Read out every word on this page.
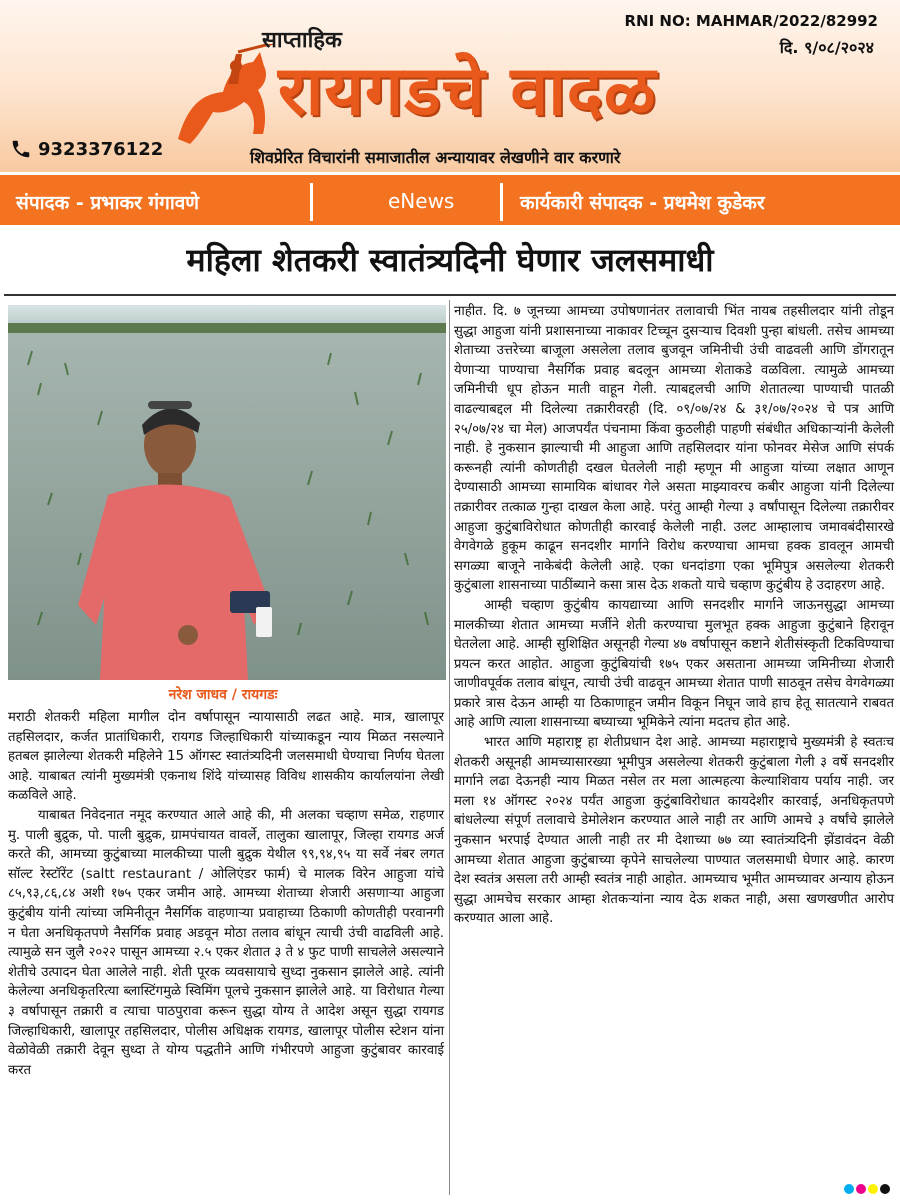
साप्ताहिक
रायगडचे वादळ
RNI NO: MAHMAR/2022/82992
दि. ९/०८/२०२४
9323376122	शिवप्रेरित विचारांनी समाजातील अन्यायावर लेखणीने वार करणारे
संपादक - प्रभाकर गंगावणे	eNews	कार्यकारी संपादक - प्रथमेश कुडेकर
महिला शेतकरी स्वातंत्र्यदिनी घेणार जलसमाधी
नरेश जाधव / रायगडः

मराठी शेतकरी महिला मागील दोन वर्षापासून न्यायासाठी लढत आहे. मात्र, खालापूर तहसिलदार, कर्जत प्रातांधिकारी, रायगड जिल्हाधिकारी यांच्याकडून न्याय मिळत नसल्याने हतबल झालेल्या शेतकरी महिलेने 15 ऑगस्ट स्वातंत्र्यदिनी जलसमाधी घेण्याचा निर्णय घेतला आहे. याबाबत त्यांनी मुख्यमंत्री एकनाथ शिंदे यांच्यासह विविध शासकीय कार्यालयांना लेखी कळविले आहे.

याबाबत निवेदनात नमूद करण्यात आले आहे की, मी अलका चव्हाण समेळ, राहणार मु. पाली बुद्रुक, पो. पाली बुद्रुक, ग्रामपंचायत वावर्ले, तालुका खालापूर, जिल्हा रायगड अर्ज करते की, आमच्या कुटुंबाच्या मालकीच्या पाली बुद्रुक येथील ९९,९४,९५ या सर्वे नंबर लगत सॉल्ट रेस्टॉरेंट (saltt restaurant / ओलिएंडर फार्म) चे मालक विरेन आहुजा यांचे ८५,९३,८६,८४ अशी १७५ एकर जमीन आहे. आमच्या शेताच्या शेजारी असणाऱ्या आहुजा कुटुंबीय यांनी त्यांच्या जमिनीतून नैसर्गिक वाहणाऱ्या प्रवाहाच्या ठिकाणी कोणतीही परवानगी न घेता अनधिकृतपणे नैसर्गिक प्रवाह अडवून मोठा तलाव बांधून त्याची उंची वाढविली आहे. त्यामुळे सन जुलै २०२२ पासून आमच्या २.५ एकर शेतात ३ ते ४ फुट पाणी साचलेले असल्याने शेतीचे उत्पादन घेता आलेले नाही. शेती पूरक व्यवसायाचे सुध्दा नुकसान झालेले आहे. त्यांनी केलेल्या अनधिकृतरित्या ब्लास्टिंगमुळे स्विमिंग पूलचे नुकसान झालेले आहे. या विरोधात गेल्या ३ वर्षापासून तक्रारी व त्याचा पाठपुरावा करून सुद्धा योग्य ते आदेश असून सुद्धा रायगड जिल्हाधिकारी, खालापूर तहसिलदार, पोलीस अधिक्षक रायगड, खालापूर पोलीस स्टेशन यांना वेळोवेळी तक्रारी देवून सुध्दा ते योग्य पद्धतीने आणि गंभीरपणे आहुजा कुटुंबावर कारवाई करत

नाहीत. दि. ७ जूनच्या आमच्या उपोषणानंतर तलावाची भिंत नायब तहसीलदार यांनी तोडून सुद्धा आहुजा यांनी प्रशासनाच्या नाकावर टिच्चून दुसऱ्याच दिवशी पुन्हा बांधली. तसेच आमच्या शेताच्या उत्तरेच्या बाजूला असलेला तलाव बुजवून जमिनीची उंची वाढवली आणि डोंगरातून येणाऱ्या पाण्याचा नैसर्गिक प्रवाह बदलून आमच्या शेताकडे वळविला. त्यामुळे आमच्या जमिनीची धूप होऊन माती वाहून गेली. त्याबद्दलची आणि शेतातल्या पाण्याची पातळी वाढल्याबद्दल मी दिलेल्या तक्रारीवरही (दि. ०९/०७/२४ & ३१/०७/२०२४ चे पत्र आणि २५/०७/२४ चा मेल) आजपर्यंत पंचनामा किंवा कुठलीही पाहणी संबंधीत अधिकाऱ्यांनी केलेली नाही. हे नुकसान झाल्याची मी आहुजा आणि तहसिलदार यांना फोनवर मेसेज आणि संपर्क करूनही त्यांनी कोणतीही दखल घेतलेली नाही म्हणून मी आहुजा यांच्या लक्षात आणून देण्यासाठी आमच्या सामायिक बांधावर गेले असता माझ्यावरच कबीर आहुजा यांनी दिलेल्या तक्रारीवर तत्काळ गुन्हा दाखल केला आहे. परंतु आम्ही गेल्या ३ वर्षांपासून दिलेल्या तक्रारीवर आहुजा कुटुंबाविरोधात कोणतीही कारवाई केलेली नाही. उलट आम्हालाच जमावबंदीसारखे वेगवेगळे हुकूम काढून सनदशीर मार्गाने विरोध करण्याचा आमचा हक्क डावलून आमची सगळ्या बाजूने नाकेबंदी केलेली आहे. एका धनदांडगा एका भूमिपुत्र असलेल्या शेतकरी कुटुंबाला शासनाच्या पाठींब्याने कसा त्रास देऊ शकतो याचे चव्हाण कुटुंबीय हे उदाहरण आहे.

आम्ही चव्हाण कुटुंबीय कायद्याच्या आणि सनदशीर मार्गाने जाऊनसुद्धा आमच्या मालकीच्या शेतात आमच्या मर्जीने शेती करण्याचा मुलभूत हक्क आहुजा कुटुंबाने हिरावून घेतलेला आहे. आम्ही सुशिक्षित असूनही गेल्या ४७ वर्षापासून कष्टाने शेतीसंस्कृती टिकविण्याचा प्रयत्न करत आहोत. आहुजा कुटुंबियांची १७५ एकर असताना आमच्या जमिनीच्या शेजारी जाणीवपूर्वक तलाव बांधून, त्याची उंची वाढवून आमच्या शेतात पाणी साठवून तसेच वेगवेगळ्या प्रकारे त्रास देऊन आम्ही या ठिकाणाहून जमीन विकून निघून जावे हाच हेतू सातत्याने राबवत आहे आणि त्याला शासनाच्या बघ्याच्या भूमिकेने त्यांना मदतच होत आहे.

भारत आणि महाराष्ट्र हा शेतीप्रधान देश आहे. आमच्या महाराष्ट्राचे मुख्यमंत्री हे स्वतःच शेतकरी असूनही आमच्यासारख्या भूमीपुत्र असलेल्या शेतकरी कुटुंबाला गेली ३ वर्षे सनदशीर मार्गाने लढा देऊनही न्याय मिळत नसेल तर मला आत्महत्या केल्याशिवाय पर्याय नाही. जर मला १४ ऑगस्ट २०२४ पर्यंत आहुजा कुटुंबाविरोधात कायदेशीर कारवाई, अनधिकृतपणे बांधलेल्या संपूर्ण तलावाचे डेमोलेशन करण्यात आले नाही तर आणि आमचे ३ वर्षांचे झालेले नुकसान भरपाई देण्यात आली नाही तर मी देशाच्या ७७ व्या स्वातंत्र्यदिनी झेंडावंदन वेळी आमच्या शेतात आहुजा कुटुंबाच्या कृपेने साचलेल्या पाण्यात जलसमाधी घेणार आहे. कारण देश स्वतंत्र असला तरी आम्ही स्वतंत्र नाही आहोत. आमच्याच भूमीत आमच्यावर अन्याय होऊन सुद्धा आमचेच सरकार आम्हा शेतकऱ्यांना न्याय देऊ शकत नाही, असा खणखणीत आरोप करण्यात आला आहे.
